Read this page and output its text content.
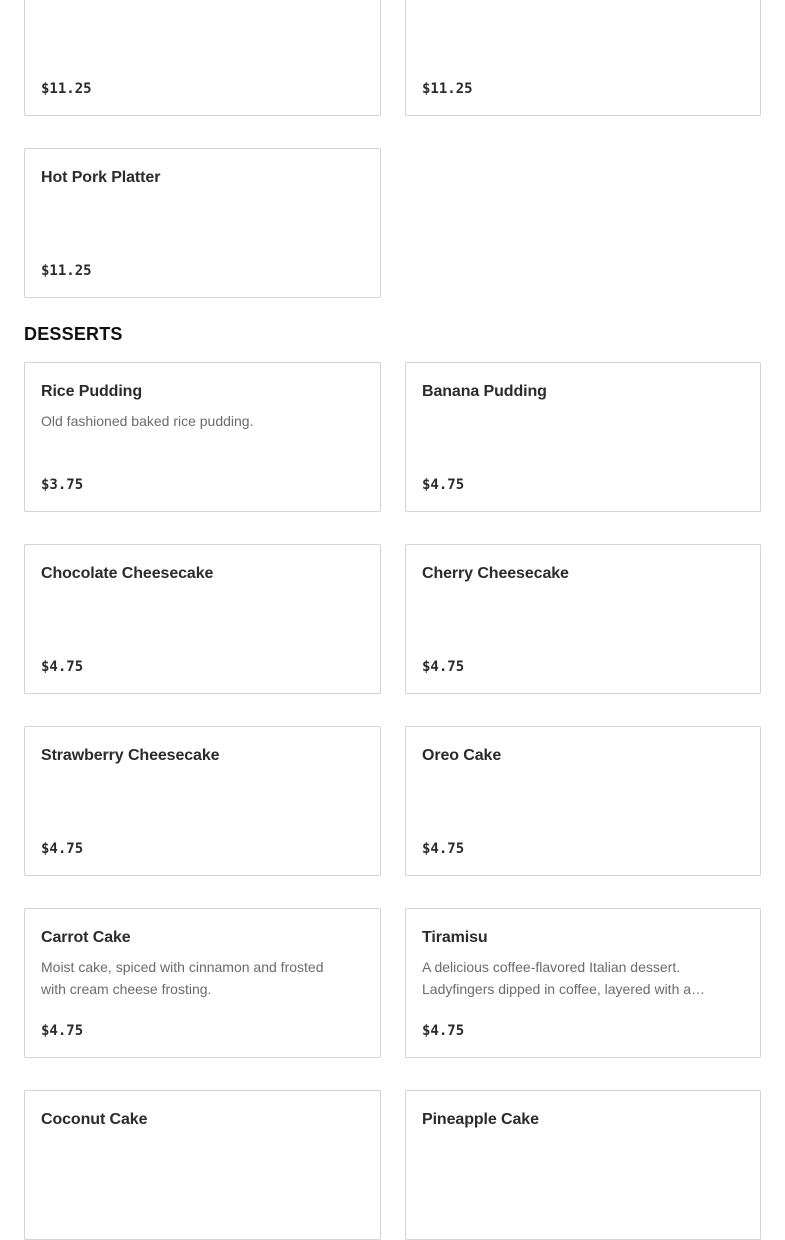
$11.25	$11.25
Hot Pork Platter
$11.25
DESSERTS
Rice Pudding
Old fashioned baked rice pudding.
$3.75
Banana Pudding
$4.75
Chocolate Cheesecake
$4.75
Cherry Cheesecake
$4.75
Strawberry Cheesecake
$4.75
Oreo Cake
$4.75
Carrot Cake
Moist cake, spiced with cinnamon and frosted with cream cheese frosting.
$4.75
Tiramisu
A delicious coffee-flavored Italian dessert. Ladyfingers dipped in coffee, layered with a…
$4.75
Coconut Cake	Pineapple Cake
